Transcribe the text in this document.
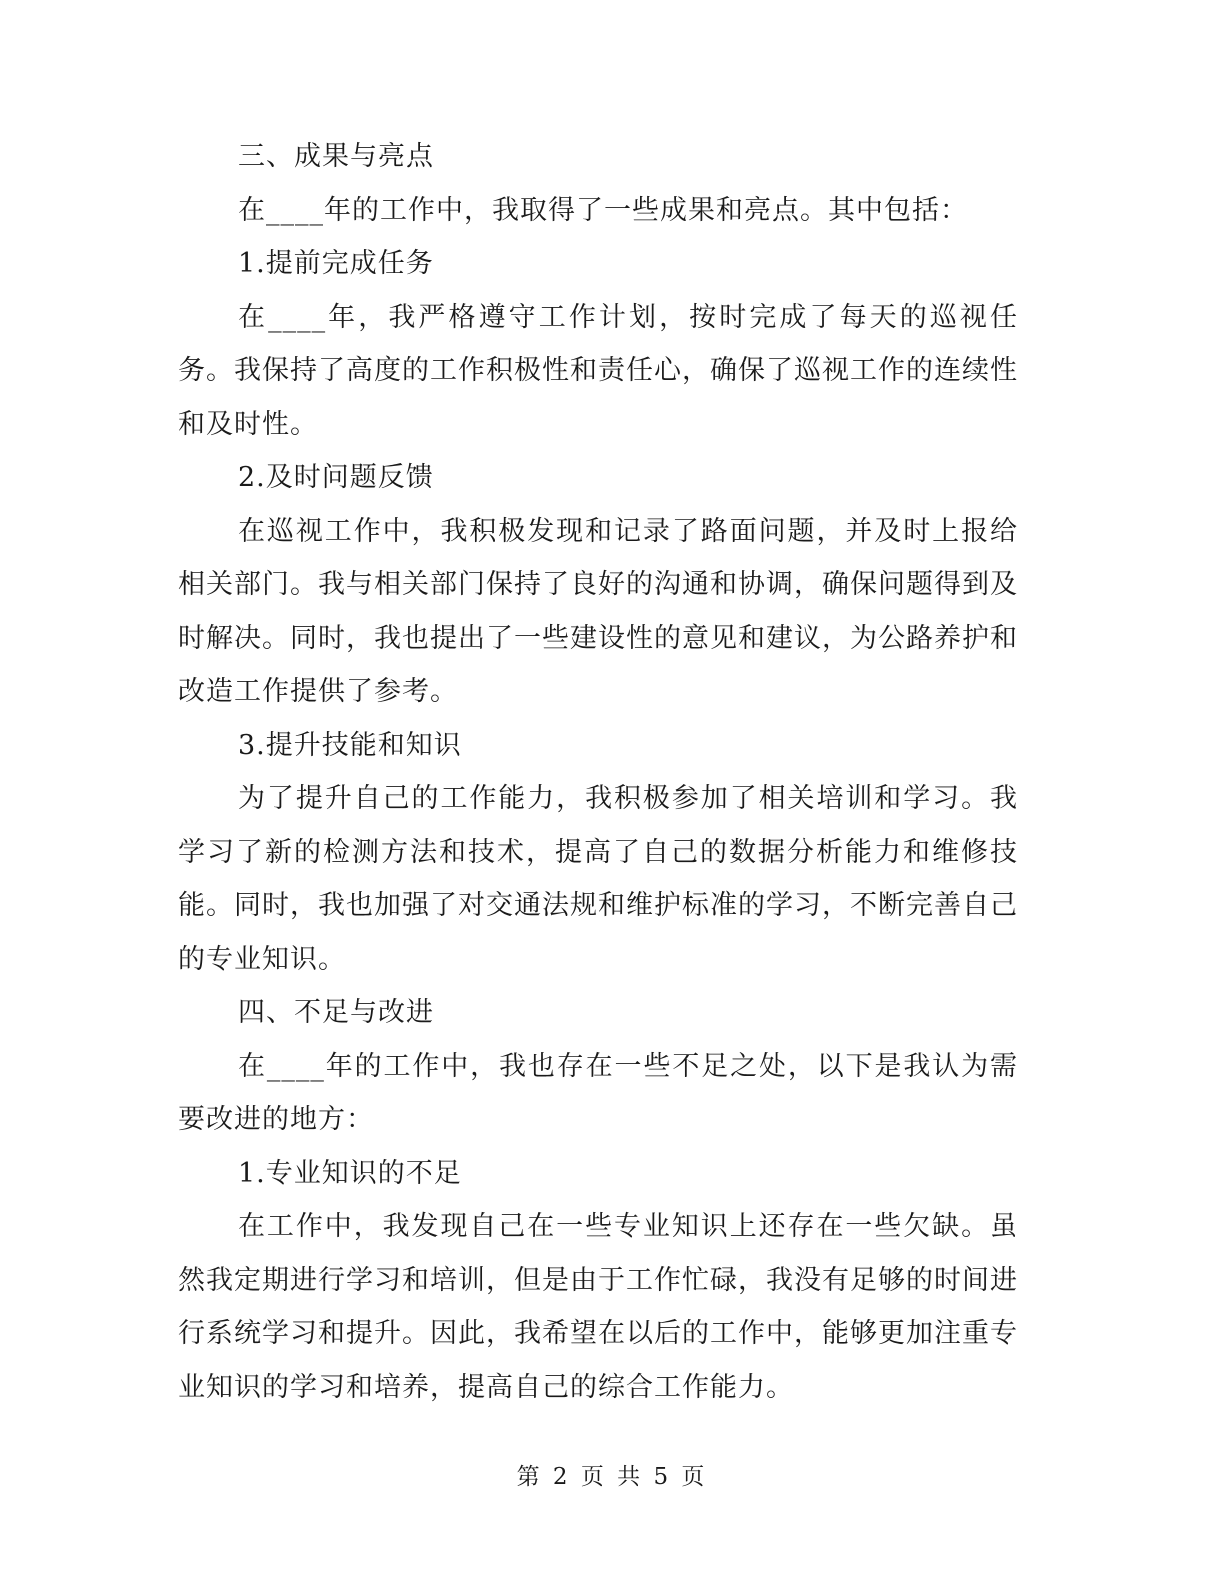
三、成果与亮点

在____年的工作中，我取得了一些成果和亮点。其中包括：

1.提前完成任务

在____年，我严格遵守工作计划，按时完成了每天的巡视任务。我保持了高度的工作积极性和责任心，确保了巡视工作的连续性和及时性。

2.及时问题反馈

在巡视工作中，我积极发现和记录了路面问题，并及时上报给相关部门。我与相关部门保持了良好的沟通和协调，确保问题得到及时解决。同时，我也提出了一些建设性的意见和建议，为公路养护和改造工作提供了参考。

3.提升技能和知识

为了提升自己的工作能力，我积极参加了相关培训和学习。我学习了新的检测方法和技术，提高了自己的数据分析能力和维修技能。同时，我也加强了对交通法规和维护标准的学习，不断完善自己的专业知识。

四、不足与改进

在____年的工作中，我也存在一些不足之处，以下是我认为需要改进的地方：

1.专业知识的不足

在工作中，我发现自己在一些专业知识上还存在一些欠缺。虽然我定期进行学习和培训，但是由于工作忙碌，我没有足够的时间进行系统学习和提升。因此，我希望在以后的工作中，能够更加注重专业知识的学习和培养，提高自己的综合工作能力。

第 2 页 共 5 页
